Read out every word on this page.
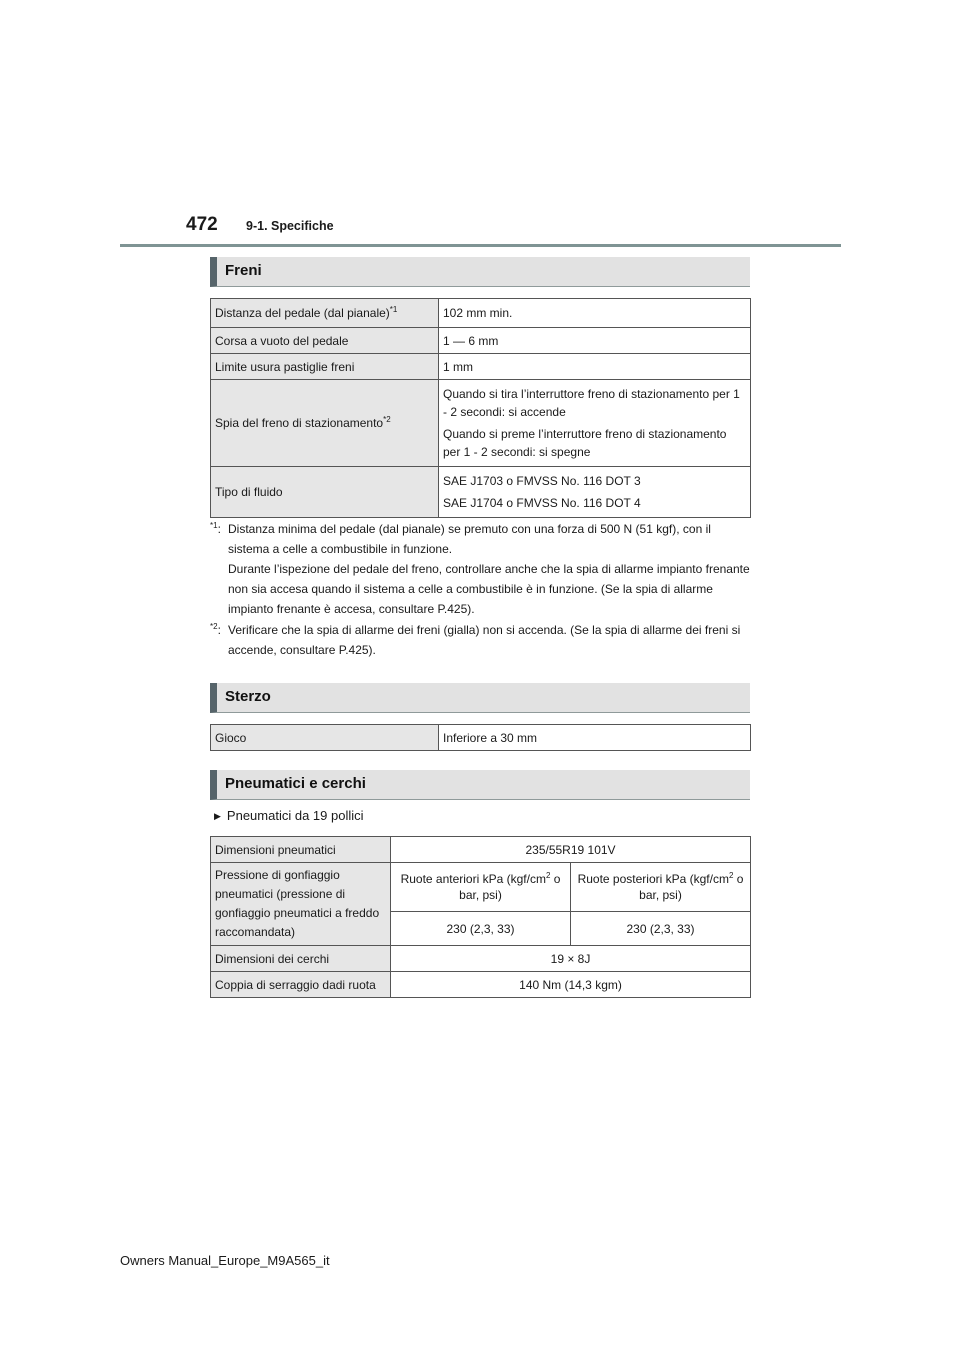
472 9-1. Specifiche
Freni
Distanza del pedale (dal pianale)$^{*1}$	102 mm min.
Corsa a vuoto del pedale	1 — 6 mm
Limite usura pastiglie freni	1 mm
Spia del freno di stazionamento$^{*2}$	Quando si tira l’interruttore freno di stazionamento per 1 - 2 secondi: si accende

Quando si preme l’interruttore freno di stazionamento per 1 - 2 secondi: si spegne

Tipo di fluido	SAE J1703 o FMVSS No. 116 DOT 3

SAE J1704 o FMVSS No. 116 DOT 4

$^{*1}$: Distanza minima del pedale (dal pianale) se premuto con una forza di 500 N (51 kgf), con il sistema a celle a combustibile in funzione.
Durante l’ispezione del pedale del freno, controllare anche che la spia di allarme impianto frenante non sia accesa quando il sistema a celle a combustibile è in funzione. (Se la spia di allarme impianto frenante è accesa, consultare P.425).
$^{*2}$: Verificare che la spia di allarme dei freni (gialla) non si accenda. (Se la spia di allarme dei freni si accende, consultare P.425).
Sterzo
Gioco	Inferiore a 30 mm
Pneumatici e cerchi
▶ Pneumatici da 19 pollici
Dimensioni pneumatici	235/55R19 101V	
Pressione di gonfiaggio pneumatici (pressione di gonfiaggio pneumatici a freddo raccomandata)	Ruote anteriori kPa ($kgf/cm^2$ o bar, psi)	Ruote posteriori kPa ($kgf/cm^2$ o bar, psi)
	230 (2,3, 33)	230 (2,3, 33)
Dimensioni dei cerchi	19 × 8J	
Coppia di serraggio dadi ruota	140 Nm (14,3 kgm)	
Owners Manual_Europe_M9A565_it
